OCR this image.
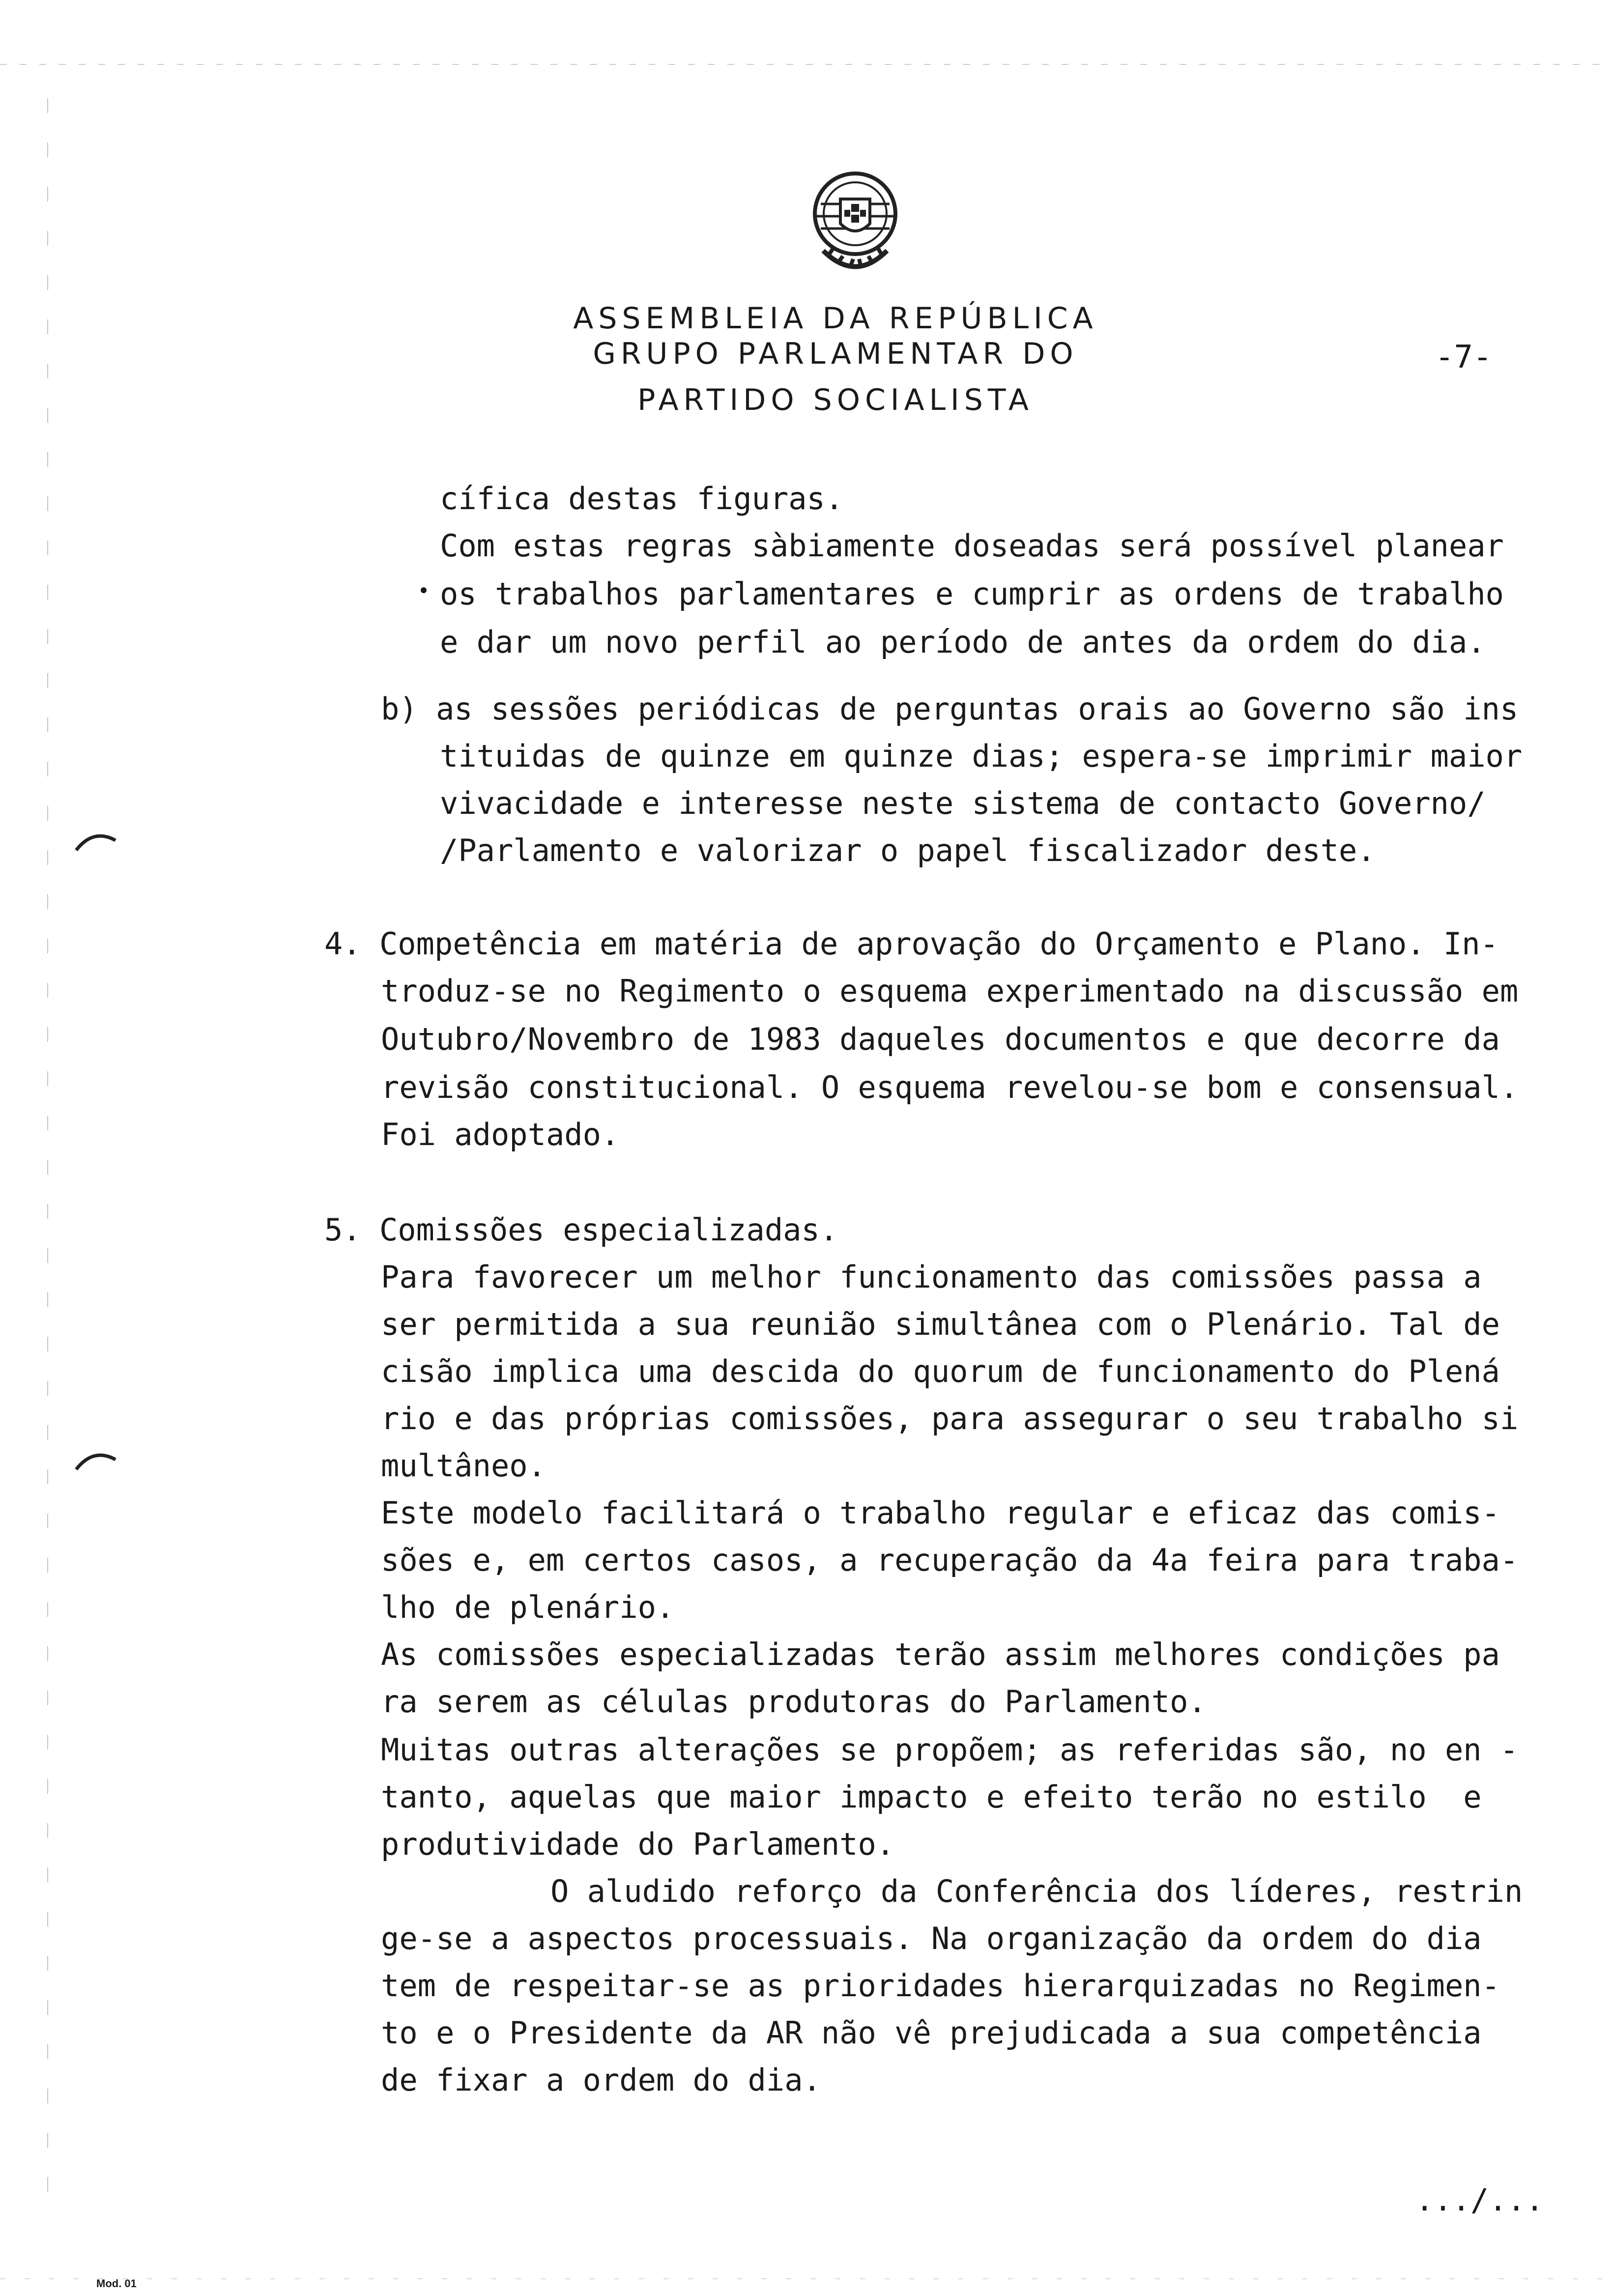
ASSEMBLEIA DA REPÚBLICA
GRUPO PARLAMENTAR DO
PARTIDO SOCIALISTA
-7-
cífica destas figuras.
Com estas regras sàbiamente doseadas será possível planear
os trabalhos parlamentares e cumprir as ordens de trabalho
e dar um novo perfil ao período de antes da ordem do dia.
b) as sessões periódicas de perguntas orais ao Governo são ins
tituidas de quinze em quinze dias; espera-se imprimir maior
vivacidade e interesse neste sistema de contacto Governo/
/Parlamento e valorizar o papel fiscalizador deste.
4. Competência em matéria de aprovação do Orçamento e Plano. In-
troduz-se no Regimento o esquema experimentado na discussão em
Outubro/Novembro de 1983 daqueles documentos e que decorre da
revisão constitucional. O esquema revelou-se bom e consensual.
Foi adoptado.
5. Comissões especializadas.
Para favorecer um melhor funcionamento das comissões passa a
ser permitida a sua reunião simultânea com o Plenário. Tal de
cisão implica uma descida do quorum de funcionamento do Plená
rio e das próprias comissões, para assegurar o seu trabalho si
multâneo.
Este modelo facilitará o trabalho regular e eficaz das comis-
sões e, em certos casos, a recuperação da 4a feira para traba-
lho de plenário.
As comissões especializadas terão assim melhores condições pa
ra serem as células produtoras do Parlamento.
Muitas outras alterações se propõem; as referidas são, no en -
tanto, aquelas que maior impacto e efeito terão no estilo  e
produtividade do Parlamento.
O aludido reforço da Conferência dos líderes, restrin
ge-se a aspectos processuais. Na organização da ordem do dia
tem de respeitar-se as prioridades hierarquizadas no Regimen-
to e o Presidente da AR não vê prejudicada a sua competência
de fixar a ordem do dia.
.../...
Mod. 01
